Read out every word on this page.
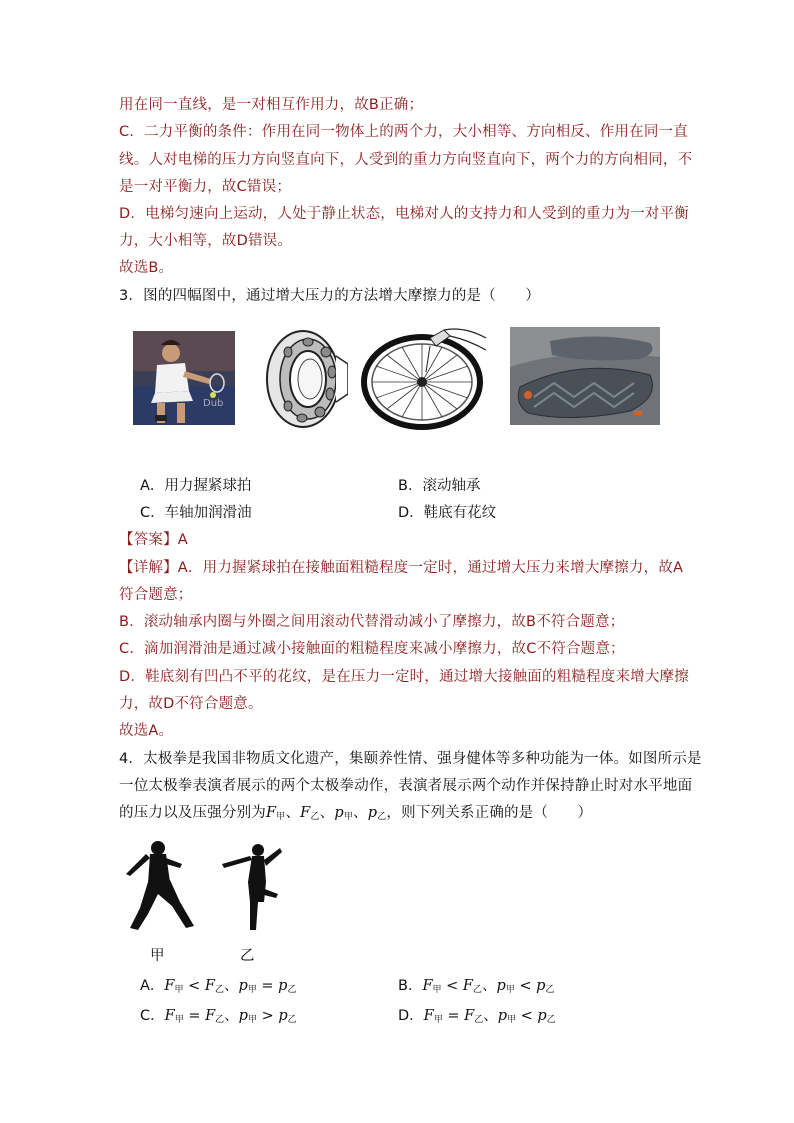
用在同一直线，是一对相互作用力，故B正确；
C．二力平衡的条件：作用在同一物体上的两个力，大小相等、方向相反、作用在同一直
线。人对电梯的压力方向竖直向下，人受到的重力方向竖直向下，两个力的方向相同，不
是一对平衡力，故C错误；
D．电梯匀速向上运动，人处于静止状态，电梯对人的支持力和人受到的重力为一对平衡
力，大小相等，故D错误。
故选B。
3．图的四幅图中，通过增大压力的方法增大摩擦力的是（　　）
Dub
A．用力握紧球拍	B．滚动轴承
C．车轴加润滑油	D．鞋底有花纹
【答案】A
【详解】A．用力握紧球拍在接触面粗糙程度一定时，通过增大压力来增大摩擦力，故A
符合题意；
B．滚动轴承内圈与外圈之间用滚动代替滑动减小了摩擦力，故B不符合题意；
C．滴加润滑油是通过减小接触面的粗糙程度来减小摩擦力，故C不符合题意；
D．鞋底刻有凹凸不平的花纹，是在压力一定时，通过增大接触面的粗糙程度来增大摩擦
力，故D不符合题意。
故选A。
4．太极拳是我国非物质文化遗产，集颐养性情、强身健体等多种功能为一体。如图所示是
一位太极拳表演者展示的两个太极拳动作，表演者展示两个动作并保持静止时对水平地面
的压力以及压强分别为$F_甲$、$F_乙$、$p_甲$、$p_乙$，则下列关系正确的是（　　）
甲	乙
A．$F_甲 < F_乙$、$p_甲 = p_乙$	B．$F_甲 < F_乙$、$p_甲 < p_乙$
C．$F_甲 = F_乙$、$p_甲 > p_乙$	D．$F_甲 = F_乙$、$p_甲 < p_乙$
